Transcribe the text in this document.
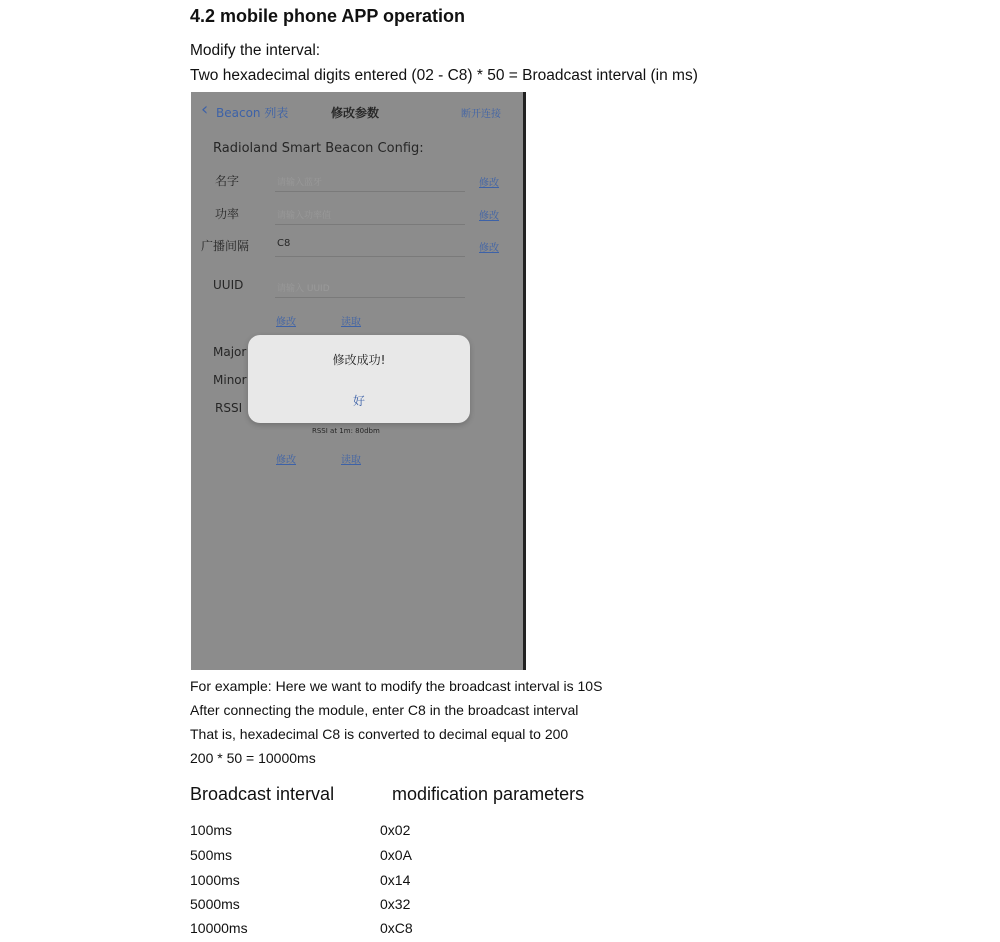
4.2 mobile phone APP operation
Modify the interval:
Two hexadecimal digits entered (02 - C8) * 50 = Broadcast interval (in ms)
‹ Beacon 列表	修改参数	断开连接
Radioland Smart Beacon Config:
名字	请输入蓝牙	修改
功率	请输入功率值	修改
广播间隔	C8	修改
UUID	请输入 UUID
修改	读取
Major
Minor
RSSI
RSSI at 1m: 80dbm
修改	读取
修改成功!
好
For example: Here we want to modify the broadcast interval is 10S
After connecting the module, enter C8 in the broadcast interval
That is, hexadecimal C8 is converted to decimal equal to 200
200 * 50 = 10000ms
Broadcast interval	modification parameters
100ms	0x02
500ms	0x0A
1000ms	0x14
5000ms	0x32
10000ms	0xC8
